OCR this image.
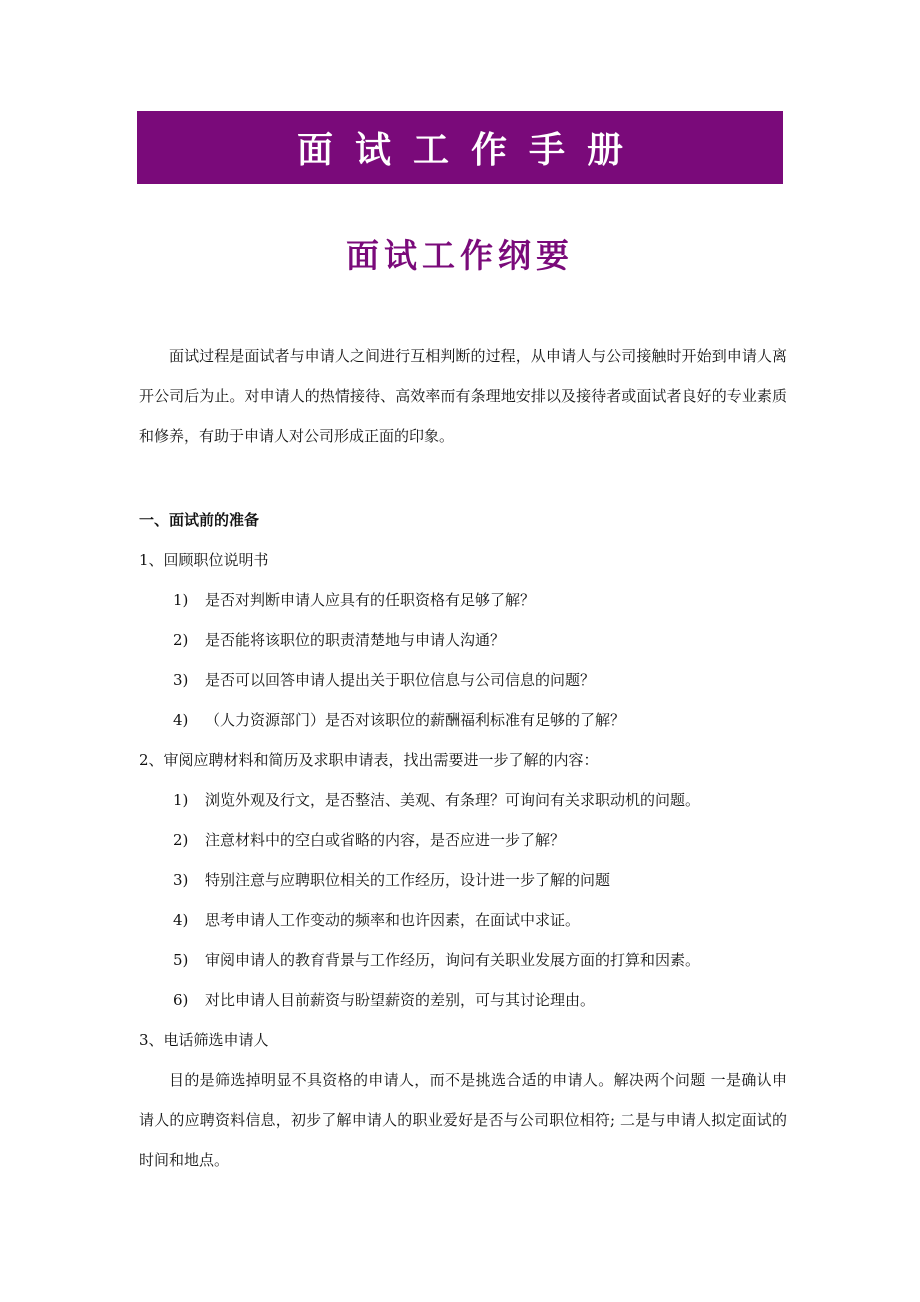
面试工作手册
面试工作纲要

面试过程是面试者与申请人之间进行互相判断的过程，从申请人与公司接触时开始到申请人离开公司后为止。对申请人的热情接待、高效率而有条理地安排以及接待者或面试者良好的专业素质和修养，有助于申请人对公司形成正面的印象。

一、面试前的准备

1、回顾职位说明书

1)	是否对判断申请人应具有的任职资格有足够了解？
2)	是否能将该职位的职责清楚地与申请人沟通？
3)	是否可以回答申请人提出关于职位信息与公司信息的问题？
4)	（人力资源部门）是否对该职位的薪酬福利标准有足够的了解？

2、审阅应聘材料和简历及求职申请表，找出需要进一步了解的内容：

1)	浏览外观及行文，是否整洁、美观、有条理？可询问有关求职动机的问题。
2)	注意材料中的空白或省略的内容，是否应进一步了解？
3)	特别注意与应聘职位相关的工作经历，设计进一步了解的问题
4)	思考申请人工作变动的频率和也许因素，在面试中求证。
5)	审阅申请人的教育背景与工作经历，询问有关职业发展方面的打算和因素。
6)	对比申请人目前薪资与盼望薪资的差别，可与其讨论理由。

3、电话筛选申请人

目的是筛选掉明显不具资格的申请人，而不是挑选合适的申请人。解决两个问题 一是确认申请人的应聘资料信息，初步了解申请人的职业爱好是否与公司职位相符; 二是与申请人拟定面试的时间和地点。
